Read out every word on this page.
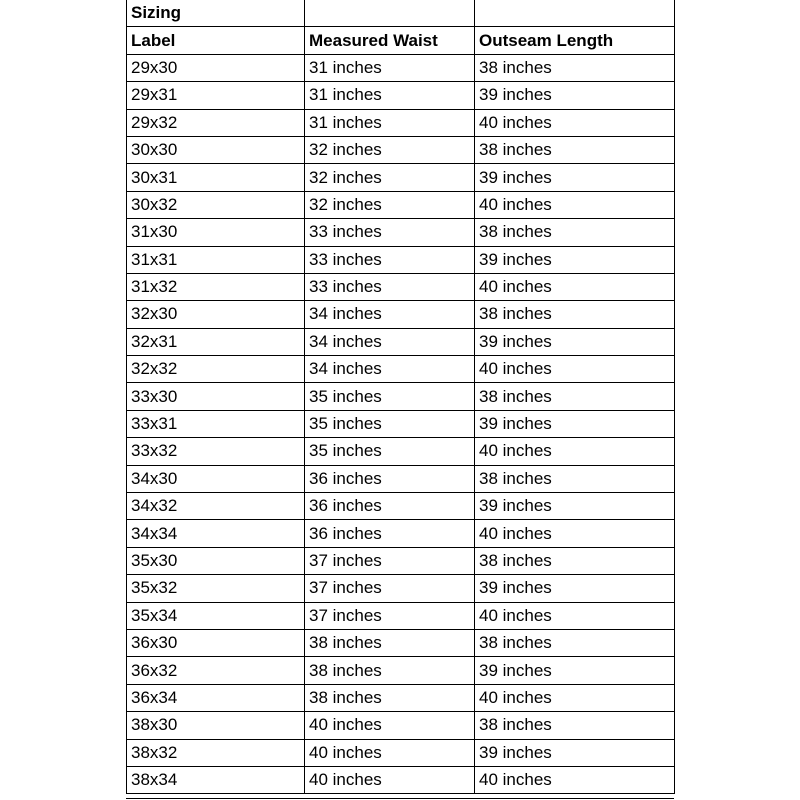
Sizing		
Label	Measured Waist	Outseam Length
29x30	31 inches	38 inches
29x31	31 inches	39 inches
29x32	31 inches	40 inches
30x30	32 inches	38 inches
30x31	32 inches	39 inches
30x32	32 inches	40 inches
31x30	33 inches	38 inches
31x31	33 inches	39 inches
31x32	33 inches	40 inches
32x30	34 inches	38 inches
32x31	34 inches	39 inches
32x32	34 inches	40 inches
33x30	35 inches	38 inches
33x31	35 inches	39 inches
33x32	35 inches	40 inches
34x30	36 inches	38 inches
34x32	36 inches	39 inches
34x34	36 inches	40 inches
35x30	37 inches	38 inches
35x32	37 inches	39 inches
35x34	37 inches	40 inches
36x30	38 inches	38 inches
36x32	38 inches	39 inches
36x34	38 inches	40 inches
38x30	40 inches	38 inches
38x32	40 inches	39 inches
38x34	40 inches	40 inches
